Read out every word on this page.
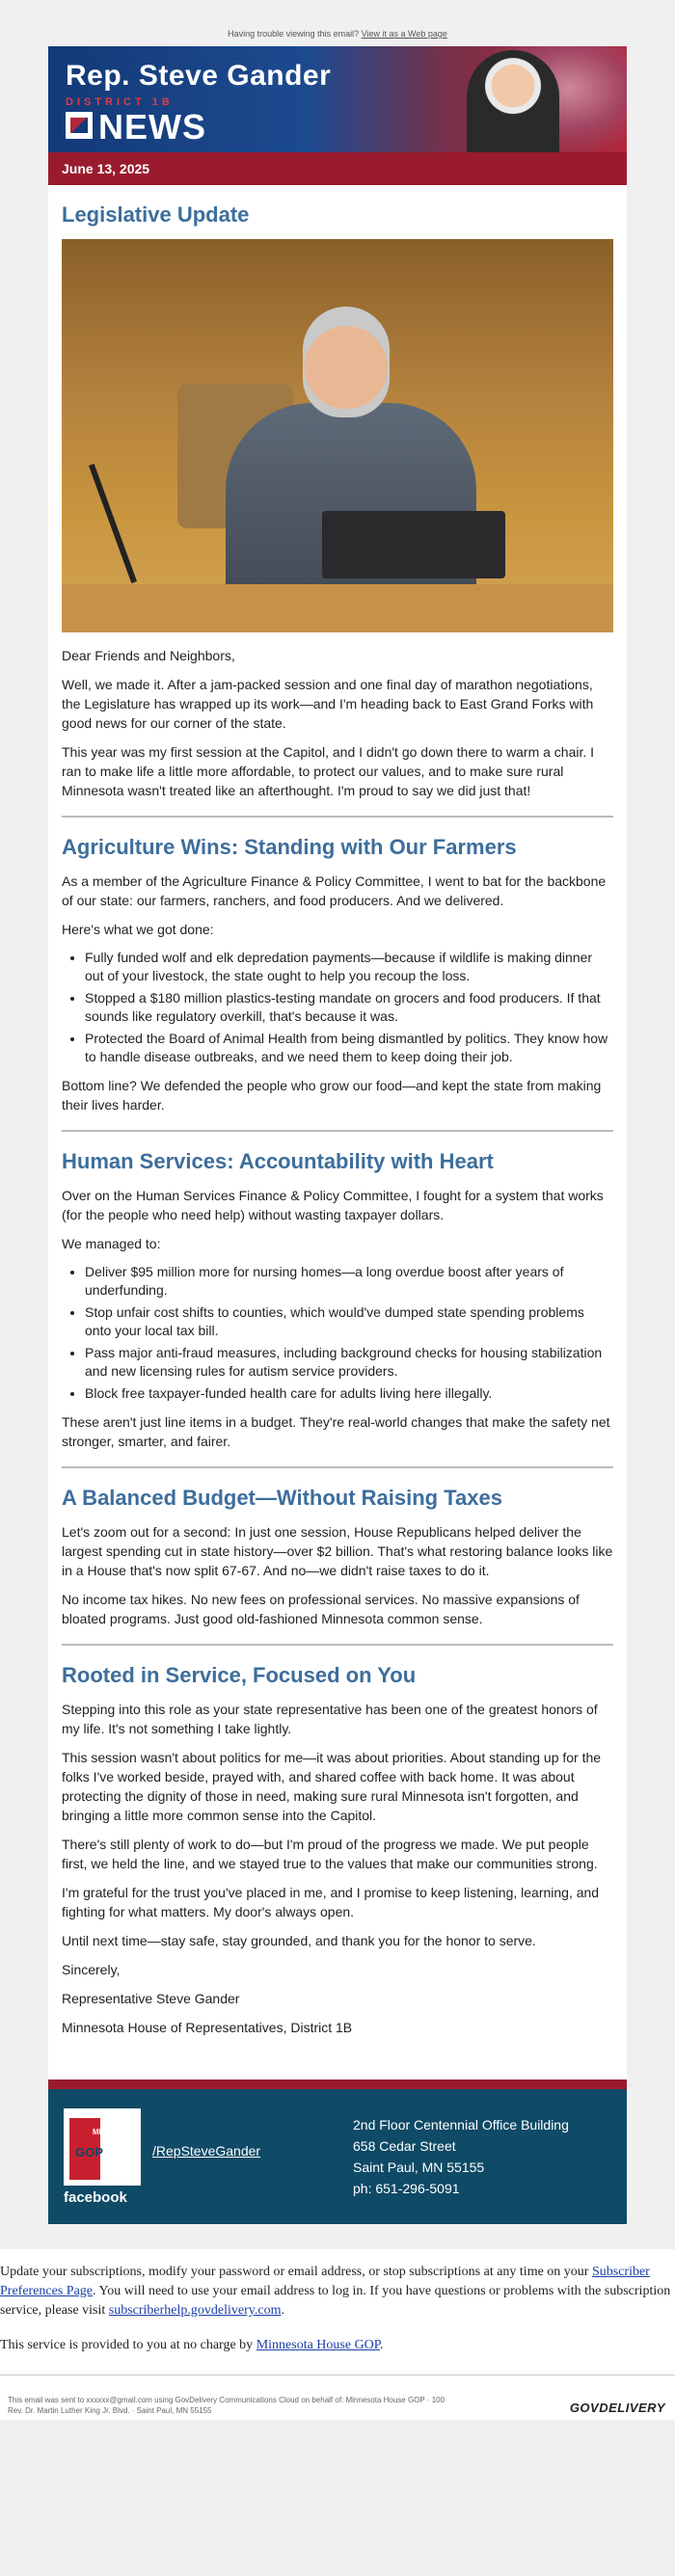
Having trouble viewing this email? View it as a Web page
Rep. Steve Gander
DISTRICT 1B
NEWS
June 13, 2025
Legislative Update

Dear Friends and Neighbors,

Well, we made it. After a jam-packed session and one final day of marathon negotiations, the Legislature has wrapped up its work—and I'm heading back to East Grand Forks with good news for our corner of the state.

This year was my first session at the Capitol, and I didn't go down there to warm a chair. I ran to make life a little more affordable, to protect our values, and to make sure rural Minnesota wasn't treated like an afterthought. I'm proud to say we did just that!

Agriculture Wins: Standing with Our Farmers

As a member of the Agriculture Finance & Policy Committee, I went to bat for the backbone of our state: our farmers, ranchers, and food producers. And we delivered.

Here's what we got done:

• Fully funded wolf and elk depredation payments—because if wildlife is making dinner out of your livestock, the state ought to help you recoup the loss.
• Stopped a $180 million plastics-testing mandate on grocers and food producers. If that sounds like regulatory overkill, that's because it was.
• Protected the Board of Animal Health from being dismantled by politics. They know how to handle disease outbreaks, and we need them to keep doing their job.

Bottom line? We defended the people who grow our food—and kept the state from making their lives harder.

Human Services: Accountability with Heart

Over on the Human Services Finance & Policy Committee, I fought for a system that works (for the people who need help) without wasting taxpayer dollars.

We managed to:

• Deliver $95 million more for nursing homes—a long overdue boost after years of underfunding.
• Stop unfair cost shifts to counties, which would've dumped state spending problems onto your local tax bill.
• Pass major anti-fraud measures, including background checks for housing stabilization and new licensing rules for autism service providers.
• Block free taxpayer-funded health care for adults living here illegally.

These aren't just line items in a budget. They're real-world changes that make the safety net stronger, smarter, and fairer.

A Balanced Budget—Without Raising Taxes

Let's zoom out for a second: In just one session, House Republicans helped deliver the largest spending cut in state history—over $2 billion. That's what restoring balance looks like in a House that's now split 67-67. And no—we didn't raise taxes to do it.

No income tax hikes. No new fees on professional services. No massive expansions of bloated programs. Just good old-fashioned Minnesota common sense.

Rooted in Service, Focused on You

Stepping into this role as your state representative has been one of the greatest honors of my life. It's not something I take lightly.

This session wasn't about politics for me—it was about priorities. About standing up for the folks I've worked beside, prayed with, and shared coffee with back home. It was about protecting the dignity of those in need, making sure rural Minnesota isn't forgotten, and bringing a little more common sense into the Capitol.

There's still plenty of work to do—but I'm proud of the progress we made. We put people first, we held the line, and we stayed true to the values that make our communities strong.

I'm grateful for the trust you've placed in me, and I promise to keep listening, learning, and fighting for what matters. My door's always open.

Until next time—stay safe, stay grounded, and thank you for the honor to serve.

Sincerely,

Representative Steve Gander

Minnesota House of Representatives, District 1B

MN HOUSE
GOP
facebook
/RepSteveGander
2nd Floor Centennial Office Building
658 Cedar Street
Saint Paul, MN 55155
ph: 651-296-5091

Update your subscriptions, modify your password or email address, or stop subscriptions at any time on your Subscriber Preferences Page. You will need to use your email address to log in. If you have questions or problems with the subscription service, please visit subscriberhelp.govdelivery.com.

This service is provided to you at no charge by Minnesota House GOP.

This email was sent to xxxxxx@gmail.com using GovDelivery Communications Cloud on behalf of: Minnesota House GOP · 100
Rev. Dr. Martin Luther King Jr. Blvd. · Saint Paul, MN 55155	GOVDELIVERY
